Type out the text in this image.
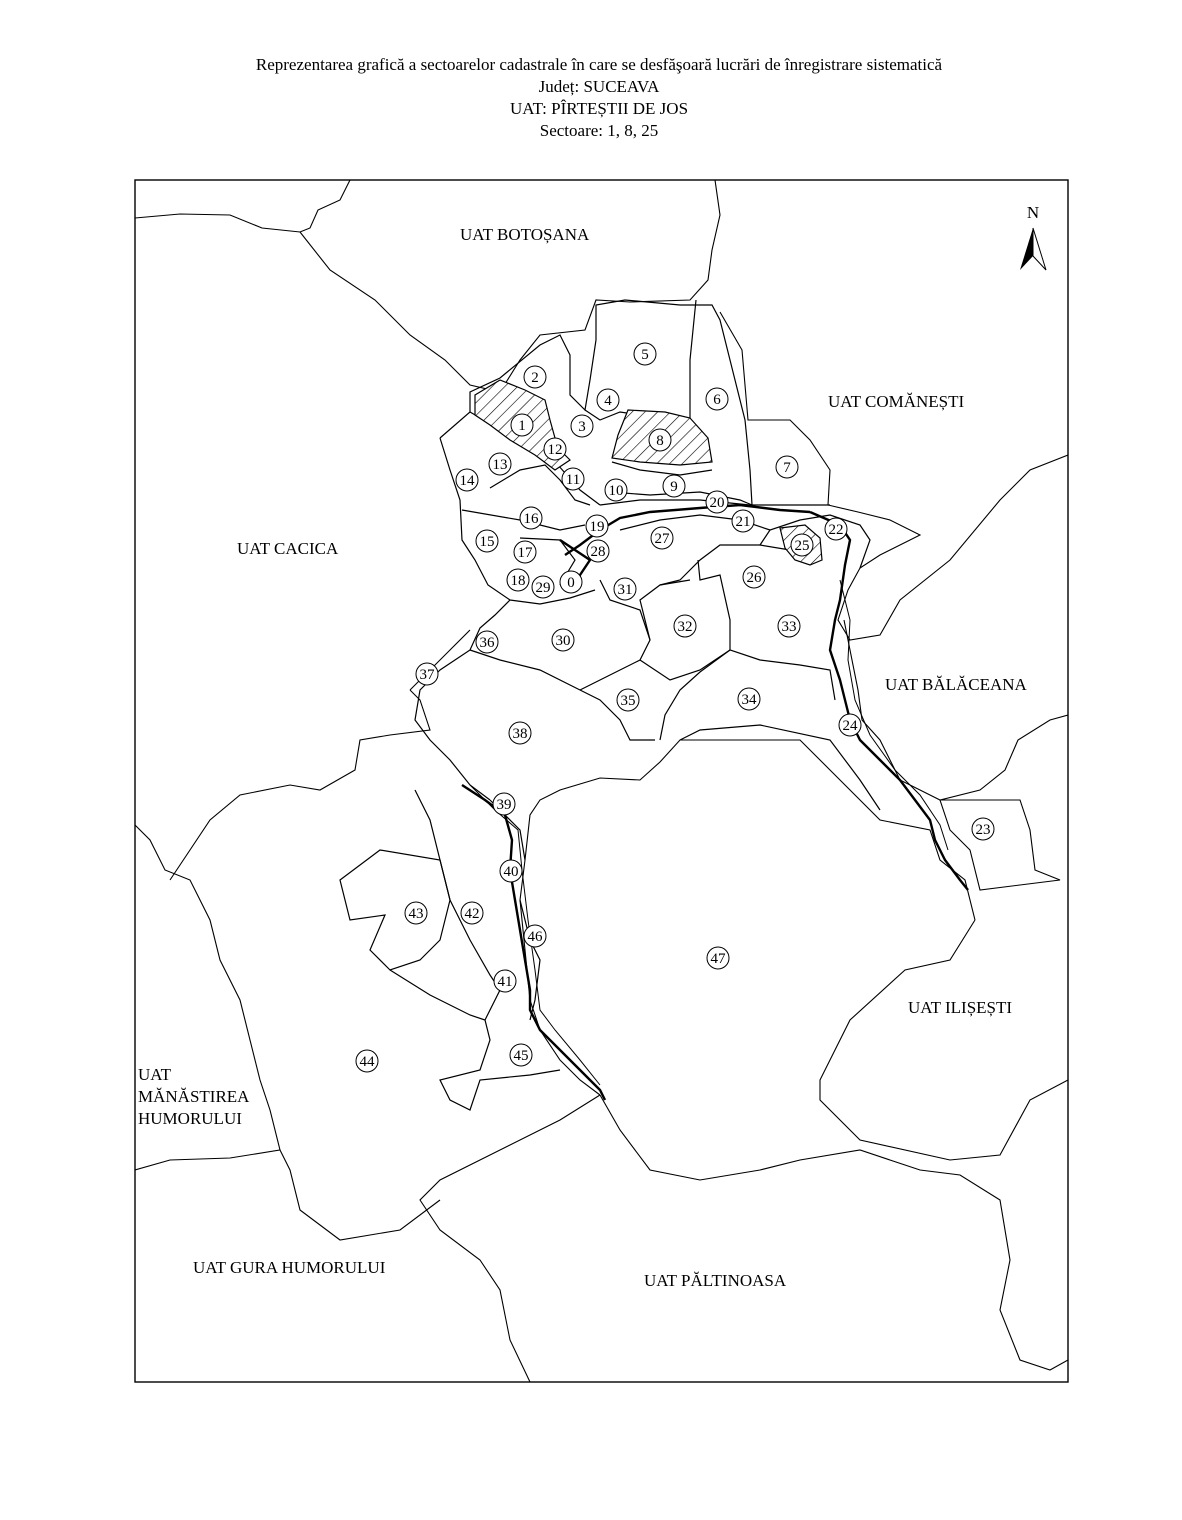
Reprezentarea grafică a sectoarelor cadastrale în care se desfăşoară lucrări de înregistrare sistematică
Județ: SUCEAVA
UAT: PÎRTEȘTII DE JOS
Sectoare: 1, 8, 25
N
UAT BOTOȘANA
UAT COMĂNEȘTI
UAT CACICA
UAT BĂLĂCEANA
UAT ILIȘEȘTI
UAT
MĂNĂSTIREA
HUMORULUI
UAT GURA HUMORULUI
UAT PĂLTINOASA
0
1
2
3
4
5
6
7
8
9
10
11
12
13
14
15
16
17
18
19
20
21	22
23
24
25
26
27
28
29
30
31
32	33
34
35
36
37
38
39
40
41
42
43
44	45
46
47
